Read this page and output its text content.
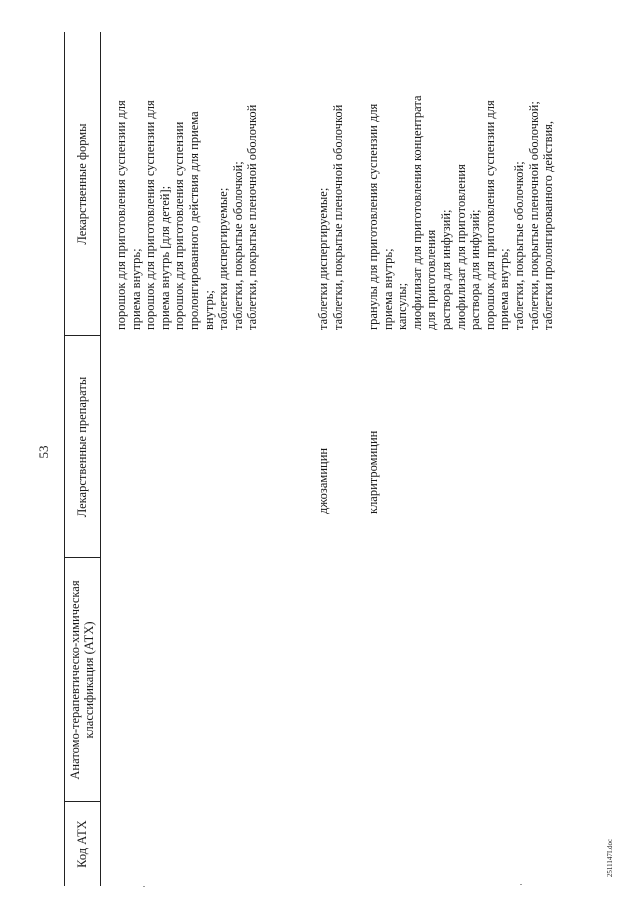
53
2511147I.doc
Код АТХ
Анатомо-терапевтическо-химическая классификация (АТХ)
Лекарственные препараты
Лекарственные формы
джозамицин	кларитромицин
порошок для приготовления суспензии для приема внутрь; порошок для приготовления суспензии для приема внутрь [для детей]; порошок для приготовления суспензии пролонгированного действия для приема внутрь; таблетки диспергируемые; таблетки, покрытые оболочкой; таблетки, покрытые пленочной оболочкой	таблетки диспергируемые; таблетки, покрытые пленочной оболочкой гранулы для приготовления суспензии для приема внутрь; капсулы; лиофилизат для приготовления концентрата для приготовления раствора для инфузий; лиофилизат для приготовления раствора для инфузий; порошок для приготовления суспензии для приема внутрь; таблетки, покрытые оболочкой; таблетки, покрытые пленочной оболочкой; таблетки пролонгированного действия,
